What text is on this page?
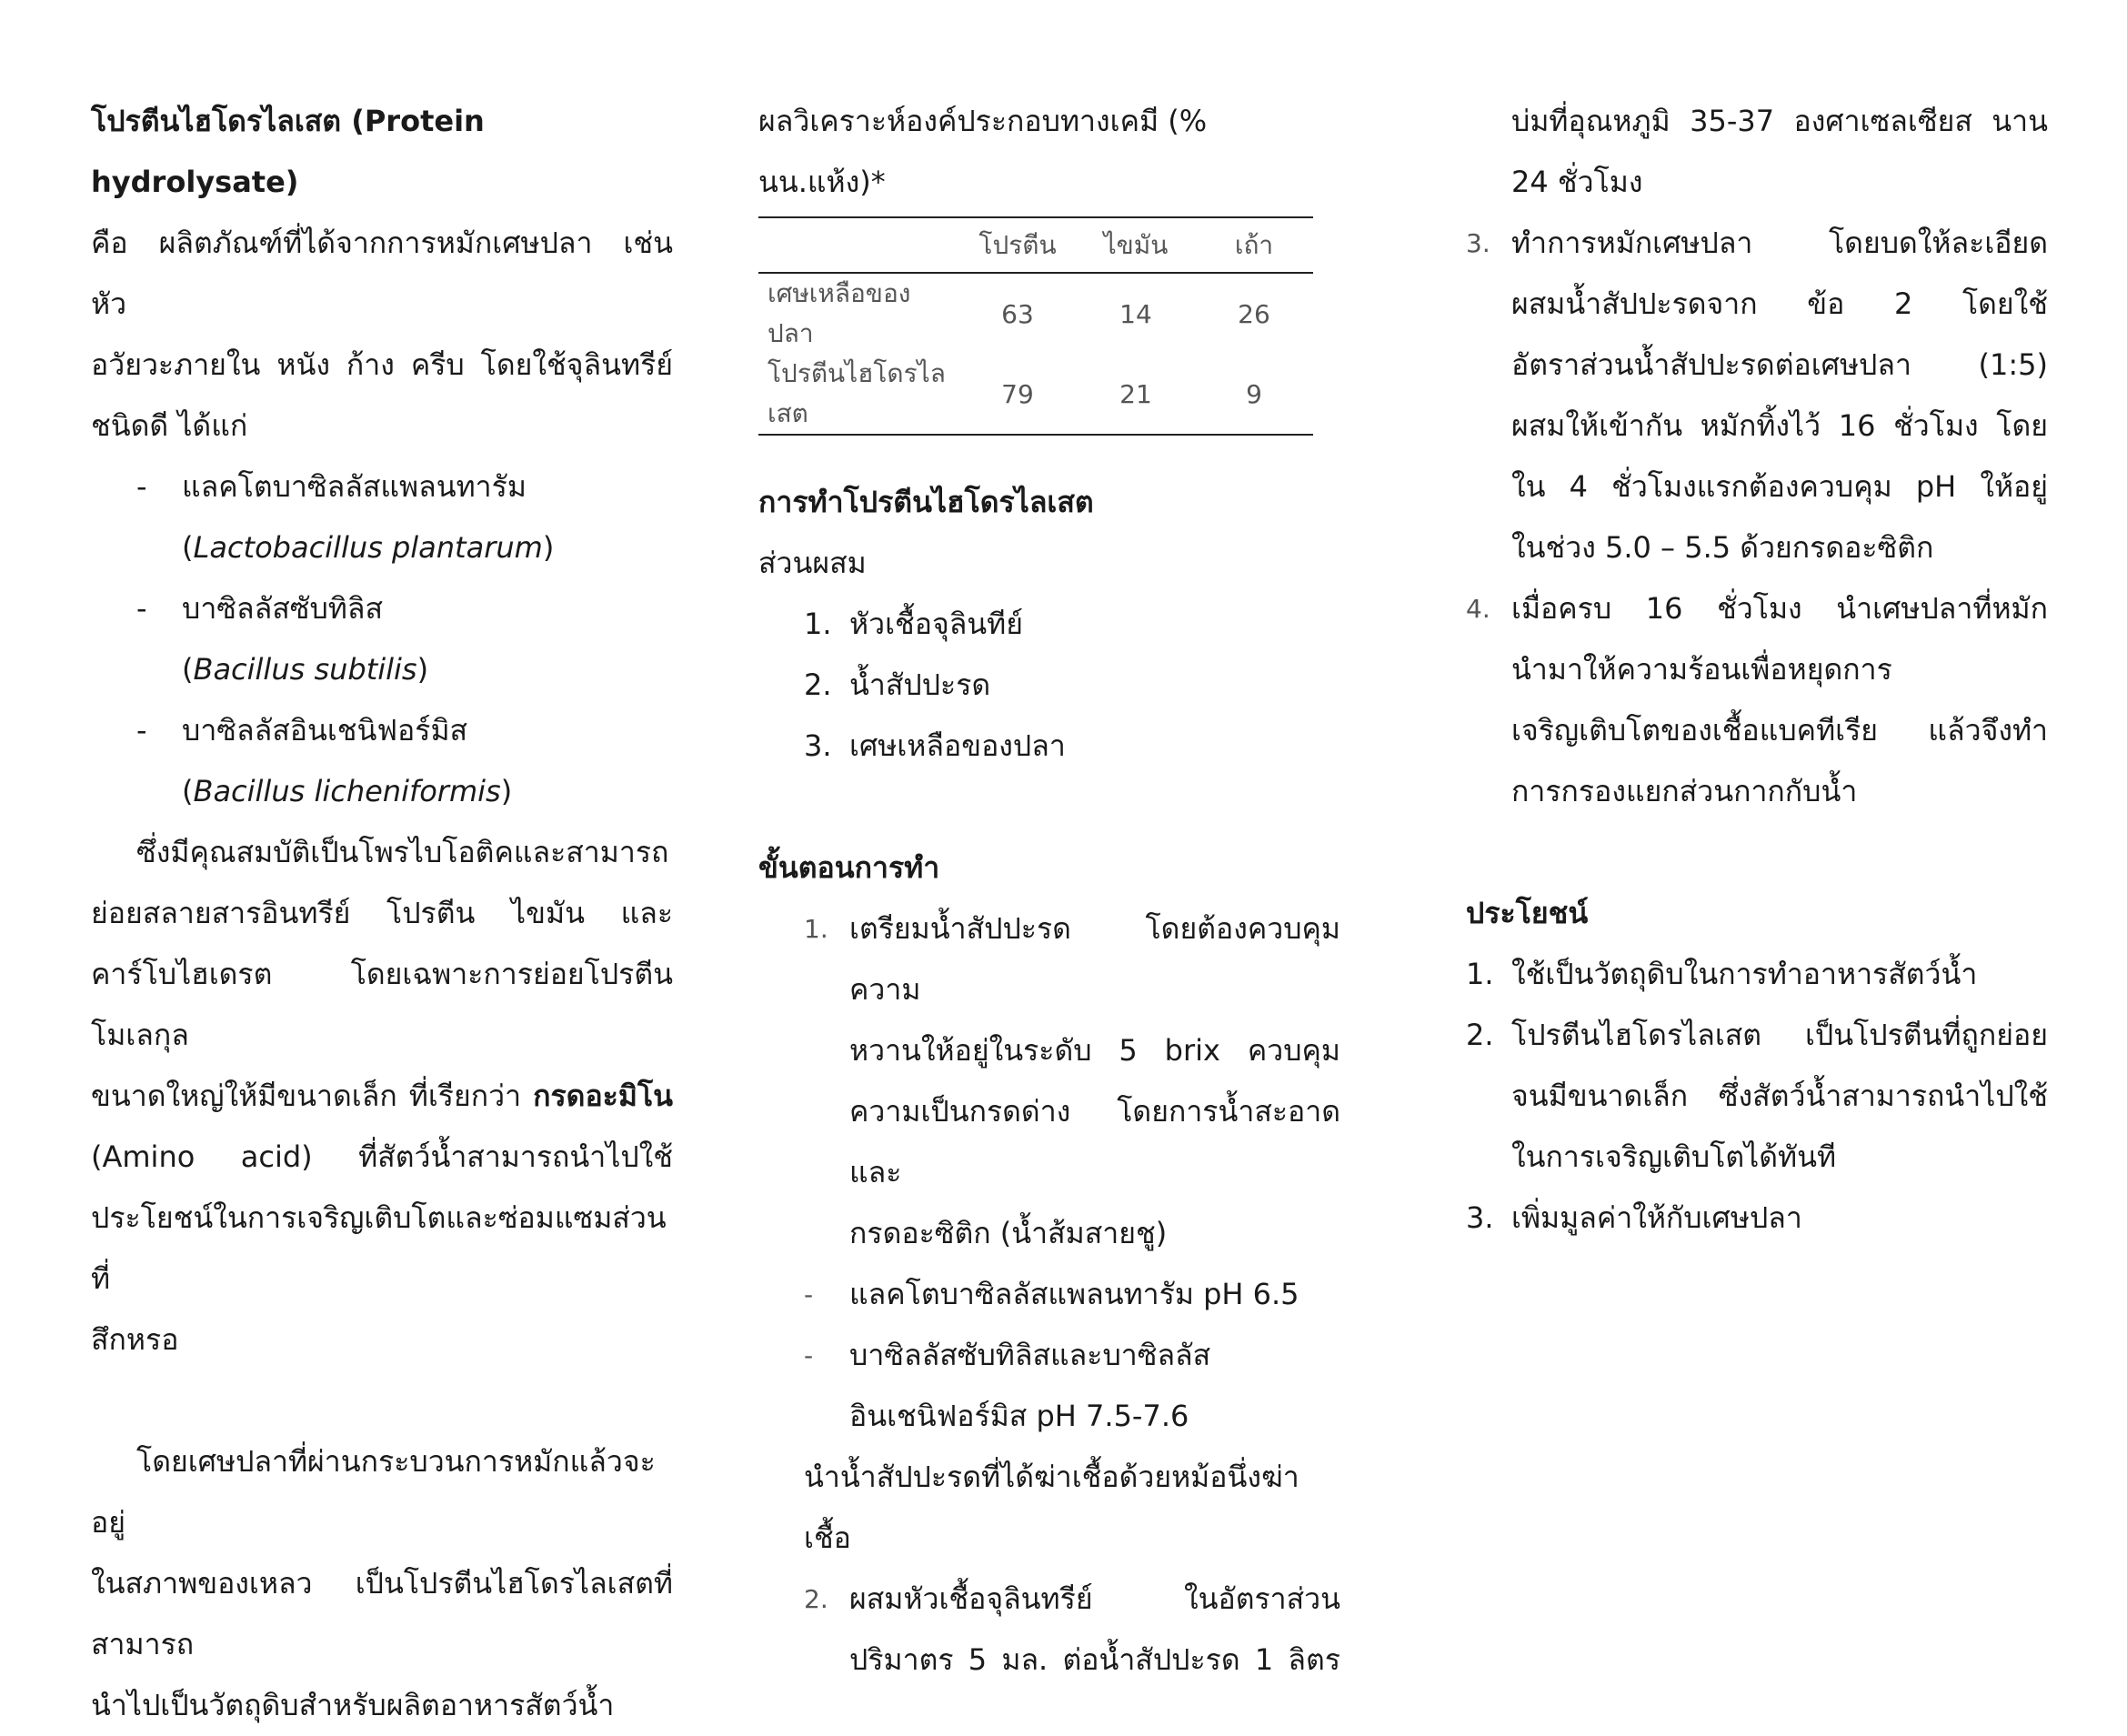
โปรตีนไฮโดรไลเสต (Protein hydrolysate)

คือ ผลิตภัณฑ์ที่ได้จากการหมักเศษปลา เช่น หัว

อวัยวะภายใน หนัง ก้าง ครีบ โดยใช้จุลินทรีย์

ชนิดดี ได้แก่

-	แลคโตบาซิลลัสแพลนทารัม
(Lactobacillus plantarum)
-	บาซิลลัสซับทิลิส
(Bacillus subtilis)
-	บาซิลลัสอินเชนิฟอร์มิส
(Bacillus licheniformis)

ซึ่งมีคุณสมบัติเป็นโพรไบโอติคและสามารถ

ย่อยสลายสารอินทรีย์ โปรตีน ไขมัน และ

คาร์โบไฮเดรต โดยเฉพาะการย่อยโปรตีนโมเลกุล

ขนาดใหญ่ให้มีขนาดเล็ก ที่เรียกว่า กรดอะมิโน

(Amino acid) ที่สัตว์น้ำสามารถนำไปใช้

ประโยชน์ในการเจริญเติบโตและซ่อมแซมส่วนที่

สึกหรอ

โดยเศษปลาที่ผ่านกระบวนการหมักแล้วจะอยู่

ในสภาพของเหลว เป็นโปรตีนไฮโดรไลเสตที่สามารถ

นำไปเป็นวัตถุดิบสำหรับผลิตอาหารสัตว์น้ำ

ผลวิเคราะห์องค์ประกอบทางเคมี (% นน.แห้ง)*

	โปรตีน	ไขมัน	เถ้า
เศษเหลือของปลา	63	14	26
โปรตีนไฮโดรไลเสต	79	21	9

การทำโปรตีนไฮโดรไลเสต

ส่วนผสม

1. หัวเชื้อจุลินทีย์
2. น้ำสัปปะรด
3. เศษเหลือของปลา

ขั้นตอนการทำ

1. เตรียมน้ำสัปปะรด โดยต้องควบคุมความ
หวานให้อยู่ในระดับ 5 brix ควบคุม
ความเป็นกรดด่าง โดยการน้ำสะอาดและ
กรดอะซิติก (น้ำส้มสายชู)
-	แลคโตบาซิลลัสแพลนทารัม pH 6.5
-	บาซิลลัสซับทิลิสและบาซิลลัส
อินเชนิฟอร์มิส pH 7.5-7.6

นำน้ำสัปปะรดที่ได้ฆ่าเชื้อด้วยหม้อนึ่งฆ่าเชื้อ

2. ผสมหัวเชื้อจุลินทรีย์ ในอัตราส่วน
ปริมาตร 5 มล. ต่อน้ำสัปปะรด 1 ลิตร
บ่มที่อุณหภูมิ 35-37 องศาเซลเซียส นาน
24 ชั่วโมง
3. ทำการหมักเศษปลา โดยบดให้ละเอียด
ผสมน้ำสัปปะรดจาก ข้อ 2 โดยใช้
อัตราส่วนน้ำสัปปะรดต่อเศษปลา (1:5)
ผสมให้เข้ากัน หมักทิ้งไว้ 16 ชั่วโมง โดย
ใน 4 ชั่วโมงแรกต้องควบคุม pH ให้อยู่
ในช่วง 5.0 – 5.5 ด้วยกรดอะซิติก
4. เมื่อครบ 16 ชั่วโมง นำเศษปลาที่หมัก
นำมาให้ความร้อนเพื่อหยุดการ
เจริญเติบโตของเชื้อแบคทีเรีย แล้วจึงทำ
การกรองแยกส่วนกากกับน้ำ

ประโยชน์

1. ใช้เป็นวัตถุดิบในการทำอาหารสัตว์น้ำ
2. โปรตีนไฮโดรไลเสต เป็นโปรตีนที่ถูกย่อย
จนมีขนาดเล็ก ซึ่งสัตว์น้ำสามารถนำไปใช้
ในการเจริญเติบโตได้ทันที
3. เพิ่มมูลค่าให้กับเศษปลา
